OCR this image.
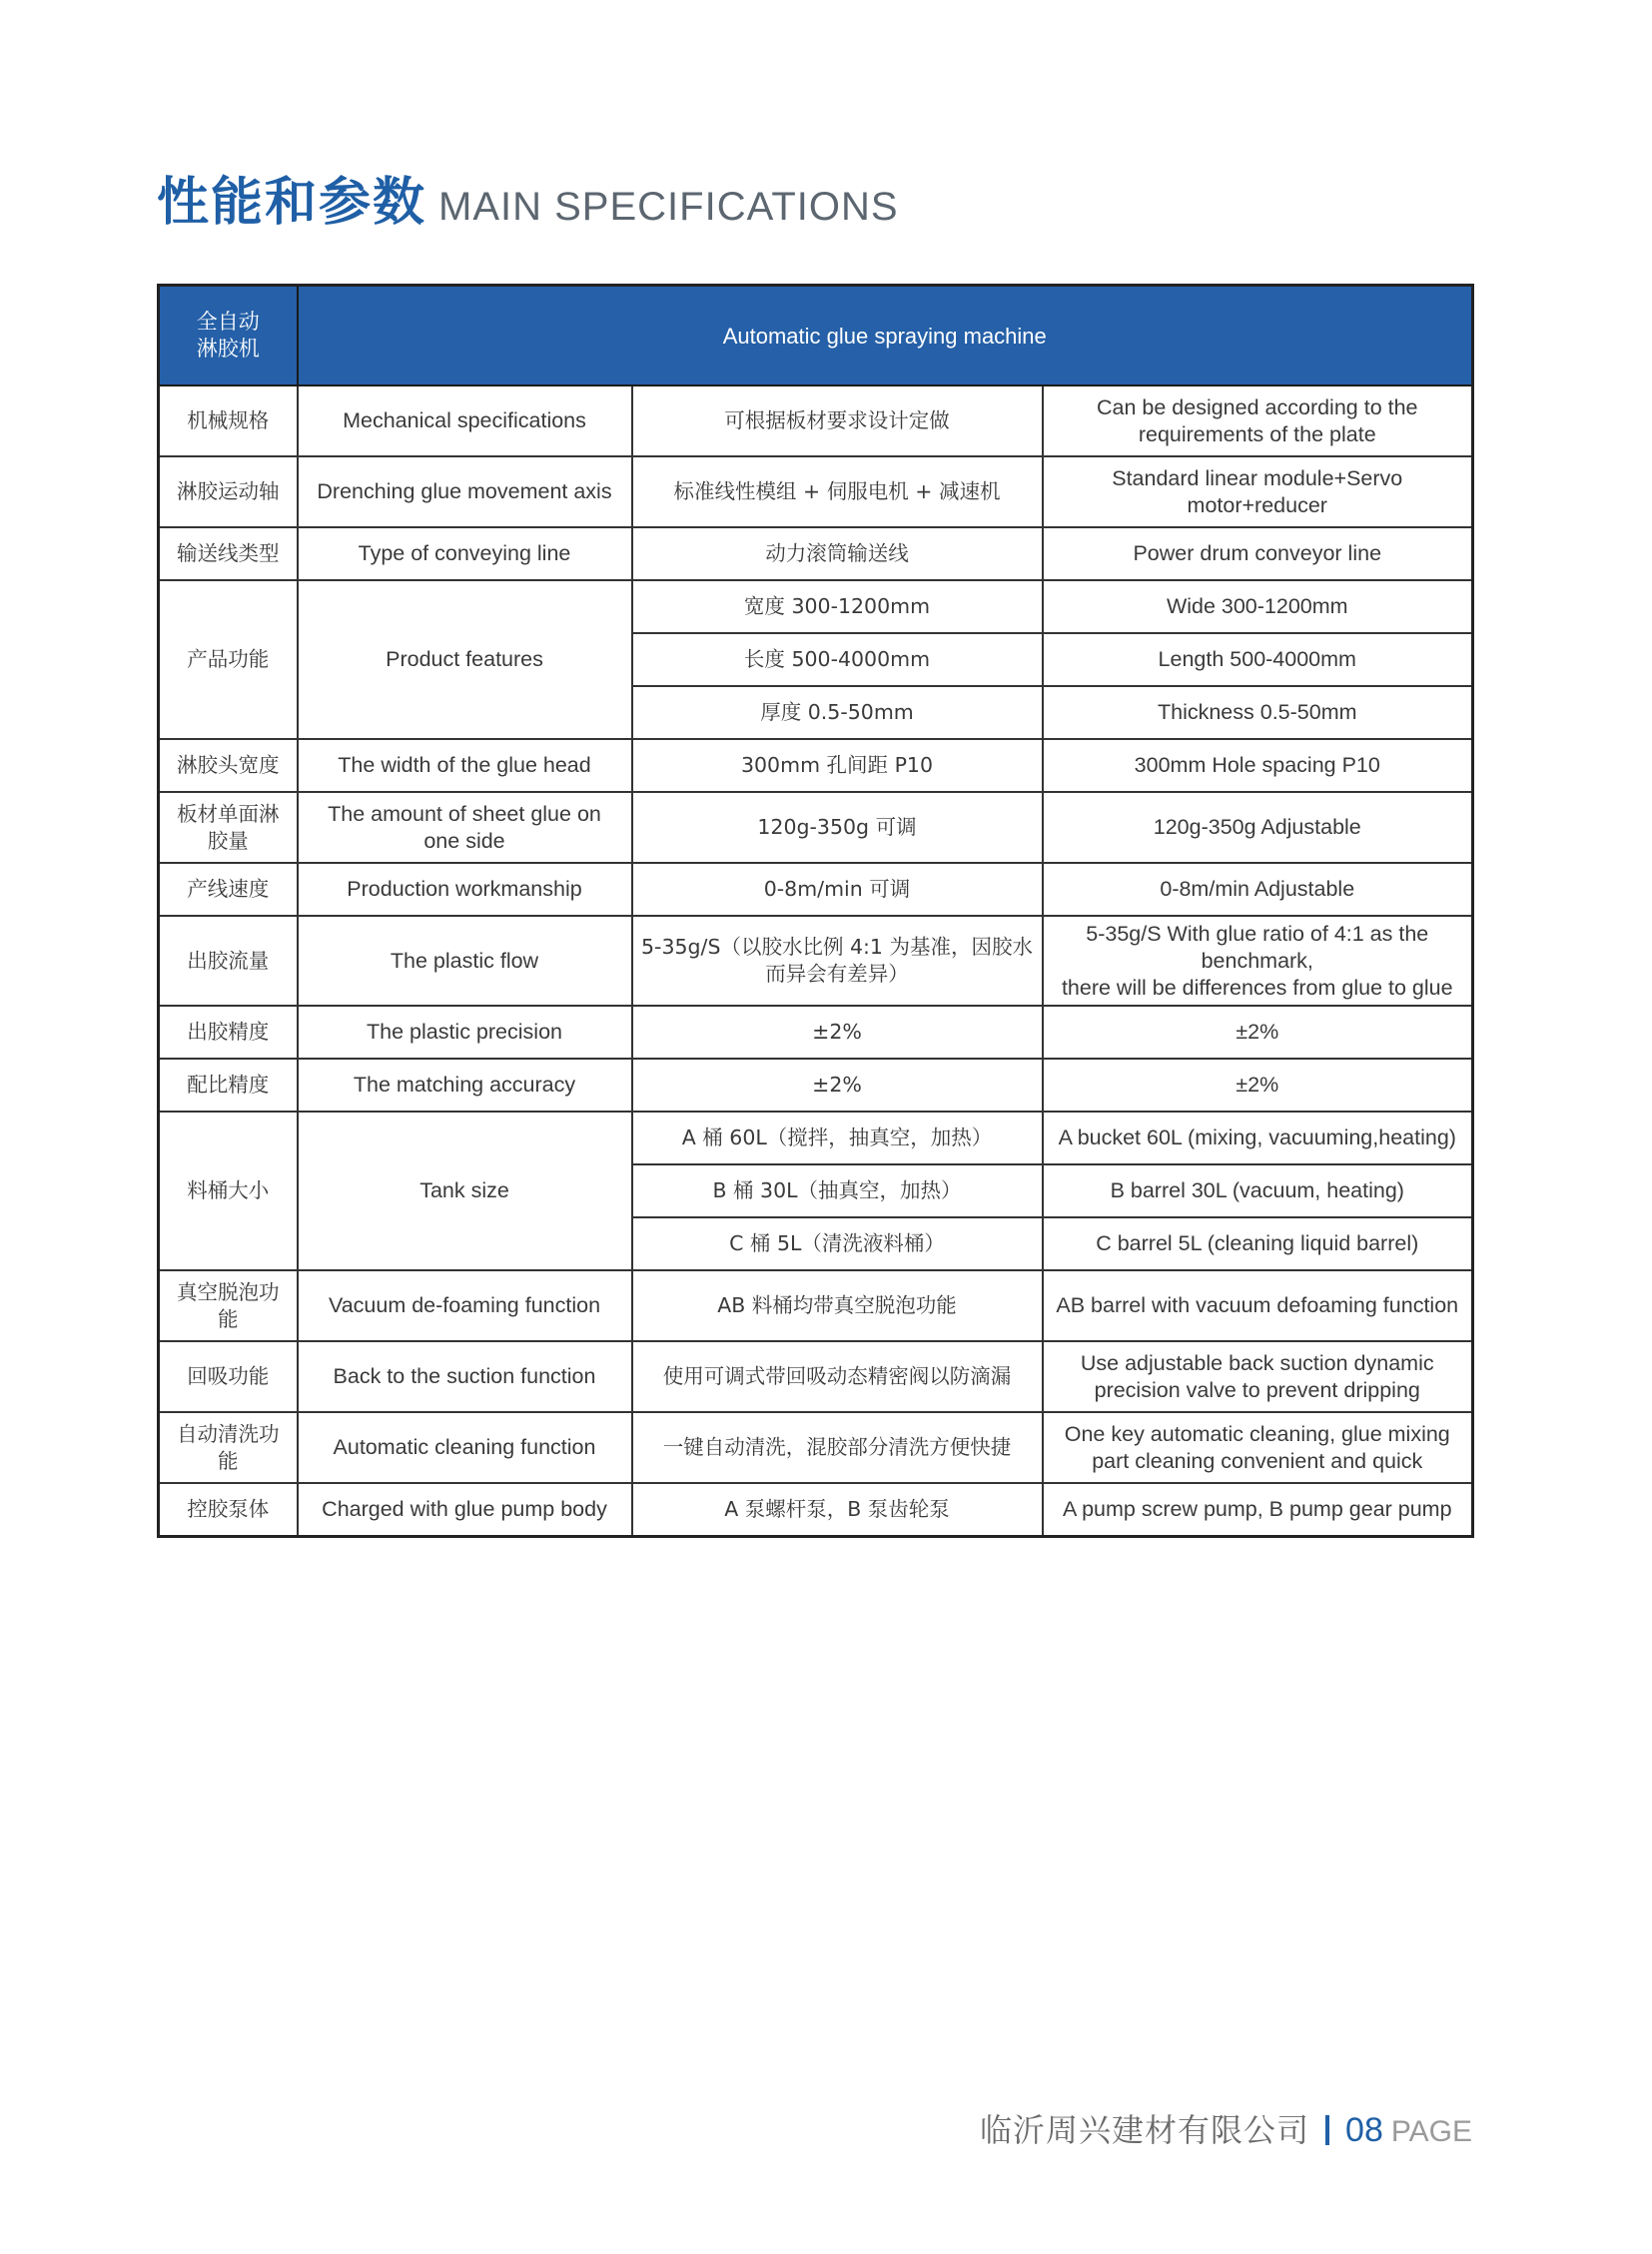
性能和参数 MAIN SPECIFICATIONS
全自动
淋胶机	Automatic glue spraying machine		
机械规格	Mechanical specifications	可根据板材要求设计定做	Can be designed according to the requirements of the plate
淋胶运动轴	Drenching glue movement axis	标准线性模组 + 伺服电机 + 减速机	Standard linear module+Servo motor+reducer
输送线类型	Type of conveying line	动力滚筒输送线	Power drum conveyor line
产品功能	Product features	宽度 300-1200mm	Wide 300-1200mm
		长度 500-4000mm	Length 500-4000mm
		厚度 0.5-50mm	Thickness 0.5-50mm
淋胶头宽度	The width of the glue head	300mm 孔间距 P10	300mm Hole spacing P10
板材单面淋胶量	The amount of sheet glue on one side	120g-350g 可调	120g-350g Adjustable
产线速度	Production workmanship	0-8m/min 可调	0-8m/min Adjustable
出胶流量	The plastic flow	5-35g/S（以胶水比例 4:1 为基准，因胶水而异会有差异）	5-35g/S With glue ratio of 4:1 as the benchmark,
there will be differences from glue to glue
出胶精度	The plastic precision	±2%	±2%
配比精度	The matching accuracy	±2%	±2%
料桶大小	Tank size	A 桶 60L（搅拌，抽真空，加热）	A bucket 60L (mixing, vacuuming,heating)
		B 桶 30L（抽真空，加热）	B barrel 30L (vacuum, heating)
		C 桶 5L（清洗液料桶）	C barrel 5L (cleaning liquid barrel)
真空脱泡功能	Vacuum de-foaming function	AB 料桶均带真空脱泡功能	AB barrel with vacuum defoaming function
回吸功能	Back to the suction function	使用可调式带回吸动态精密阀以防滴漏	Use adjustable back suction dynamic precision valve to prevent dripping
自动清洗功能	Automatic cleaning function	一键自动清洗，混胶部分清洗方便快捷	One key automatic cleaning, glue mixing part cleaning convenient and quick
控胶泵体	Charged with glue pump body	A 泵螺杆泵，B 泵齿轮泵	A pump screw pump, B pump gear pump
临沂周兴建材有限公司 08 PAGE
